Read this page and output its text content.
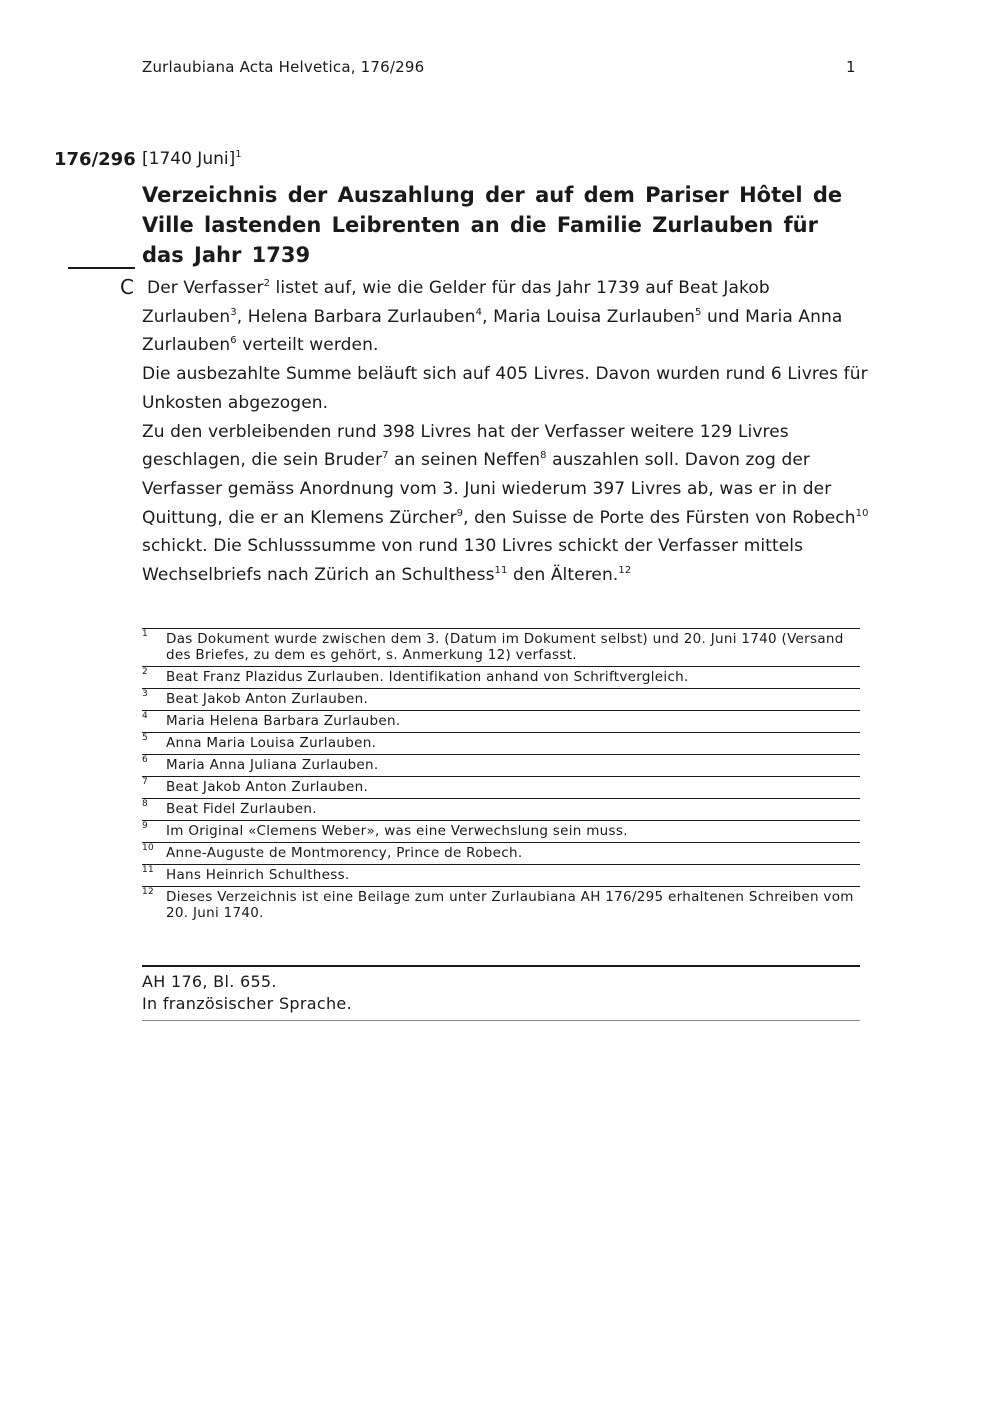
Zurlaubiana Acta Helvetica, 176/296	1
176/296 [1740 Juni]$^1$
Verzeichnis der Auszahlung der auf dem Pariser Hôtel de Ville lastenden Leibrenten an die Familie Zurlauben für das Jahr 1739
C Der Verfasser$^2$ listet auf, wie die Gelder für das Jahr 1739 auf Beat Jakob Zurlauben$^3$, Helena Barbara Zurlauben$^4$, Maria Louisa Zurlauben$^5$ und Maria Anna Zurlauben$^6$ verteilt werden.
Die ausbezahlte Summe beläuft sich auf 405 Livres. Davon wurden rund 6 Livres für Unkosten abgezogen.
Zu den verbleibenden rund 398 Livres hat der Verfasser weitere 129 Livres geschlagen, die sein Bruder$^7$ an seinen Neffen$^8$ auszahlen soll. Davon zog der Verfasser gemäss Anordnung vom 3. Juni wiederum 397 Livres ab, was er in der Quittung, die er an Klemens Zürcher$^9$, den Suisse de Porte des Fürsten von Robech$^{10}$ schickt. Die Schlusssumme von rund 130 Livres schickt der Verfasser mittels Wechselbriefs nach Zürich an Schulthess$^{11}$ den Älteren.$^{12}$
1 Das Dokument wurde zwischen dem 3. (Datum im Dokument selbst) und 20. Juni 1740 (Versand des Briefes, zu dem es gehört, s. Anmerkung 12) verfasst.
2 Beat Franz Plazidus Zurlauben. Identifikation anhand von Schriftvergleich.
3 Beat Jakob Anton Zurlauben.
4 Maria Helena Barbara Zurlauben.
5 Anna Maria Louisa Zurlauben.
6 Maria Anna Juliana Zurlauben.
7 Beat Jakob Anton Zurlauben.
8 Beat Fidel Zurlauben.
9 Im Original «Clemens Weber», was eine Verwechslung sein muss.
10 Anne-Auguste de Montmorency, Prince de Robech.
11 Hans Heinrich Schulthess.
12 Dieses Verzeichnis ist eine Beilage zum unter Zurlaubiana AH 176/295 erhaltenen Schreiben vom 20. Juni 1740.
AH 176, Bl. 655.
In französischer Sprache.
